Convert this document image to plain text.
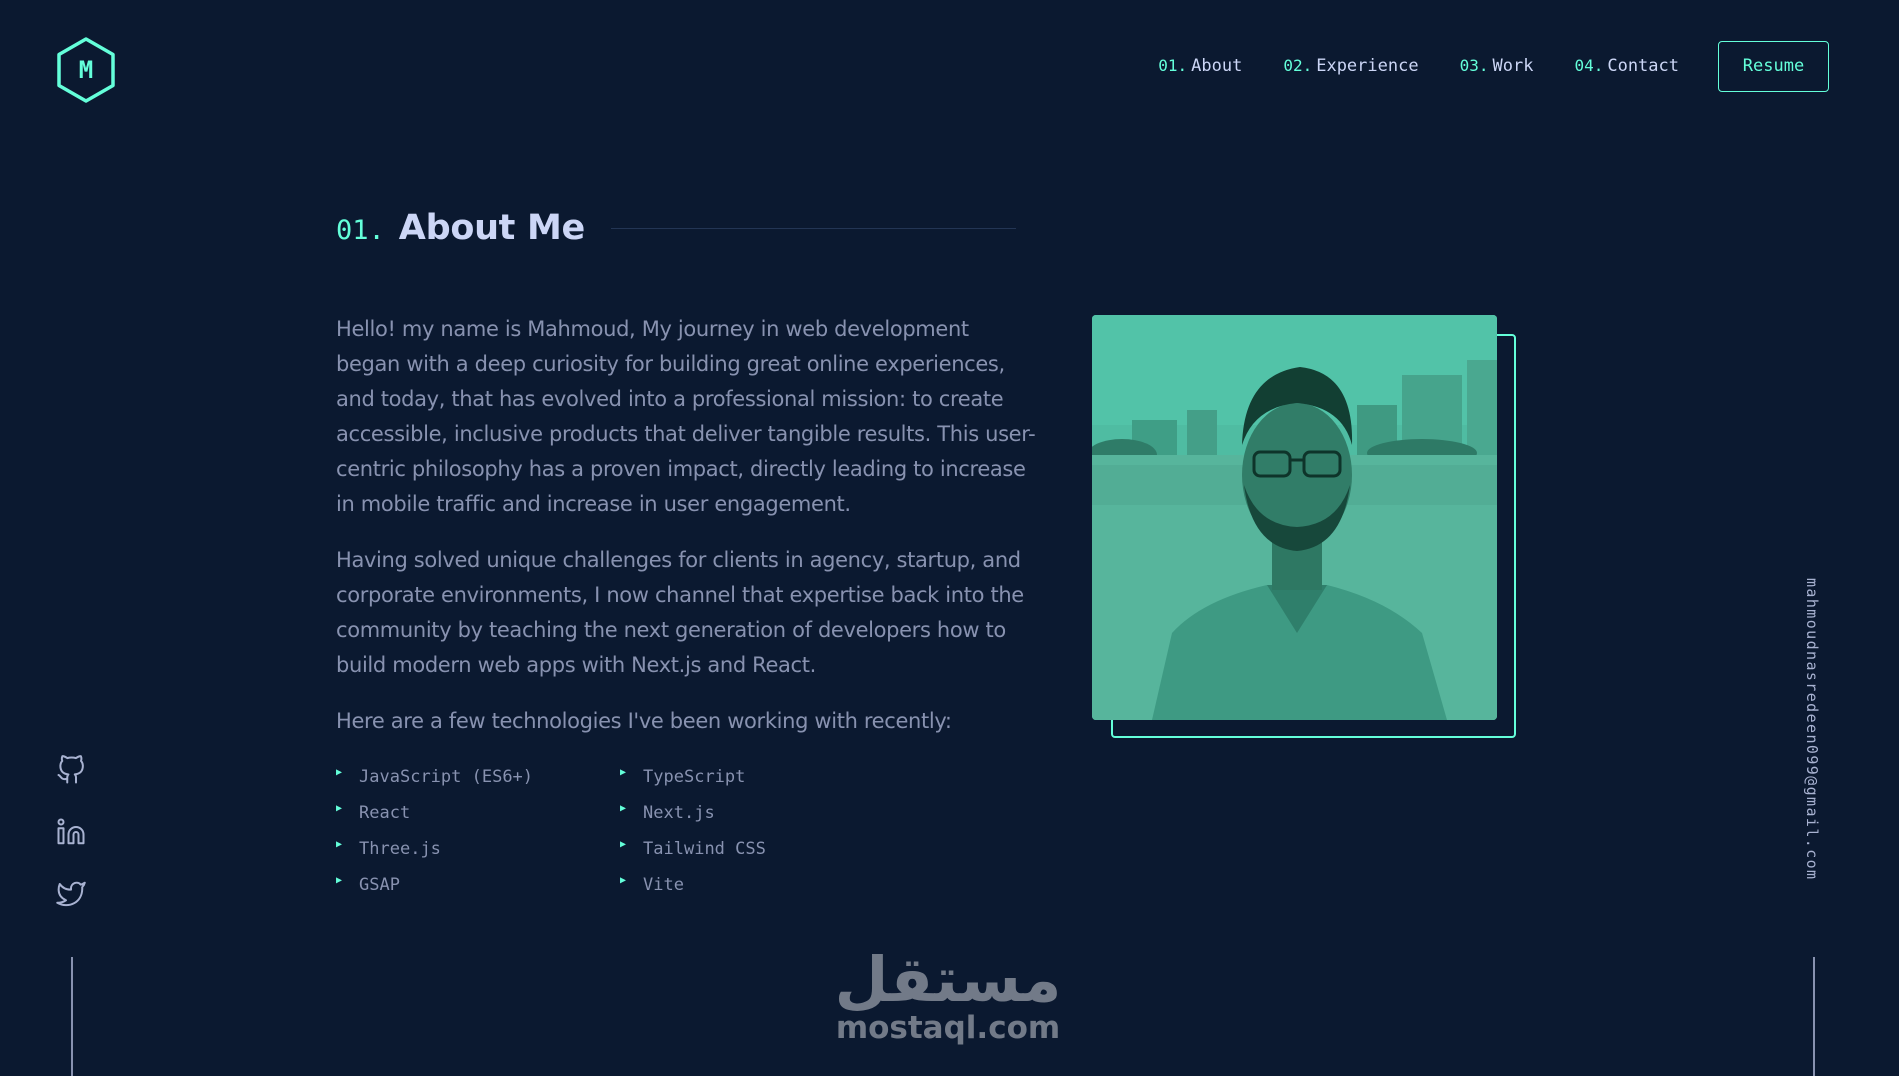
M	01. About	02. Experience	03. Work	04. Contact	Resume
01. About Me

Hello! my name is Mahmoud, My journey in web development began with a deep curiosity for building great online experiences, and today, that has evolved into a professional mission: to create accessible, inclusive products that deliver tangible results. This user-centric philosophy has a proven impact, directly leading to increase in mobile traffic and increase in user engagement.

Having solved unique challenges for clients in agency, startup, and corporate environments, I now channel that expertise back into the community by teaching the next generation of developers how to build modern web apps with Next.js and React.

Here are a few technologies I've been working with recently:

▶ JavaScript (ES6+)	▶ TypeScript
▶ React	▶ Next.js
▶ Three.js	▶ Tailwind CSS
▶ GSAP	▶ Vite
mahmoudnasredeen099@gmail.com
مستقل
mostaql.com
